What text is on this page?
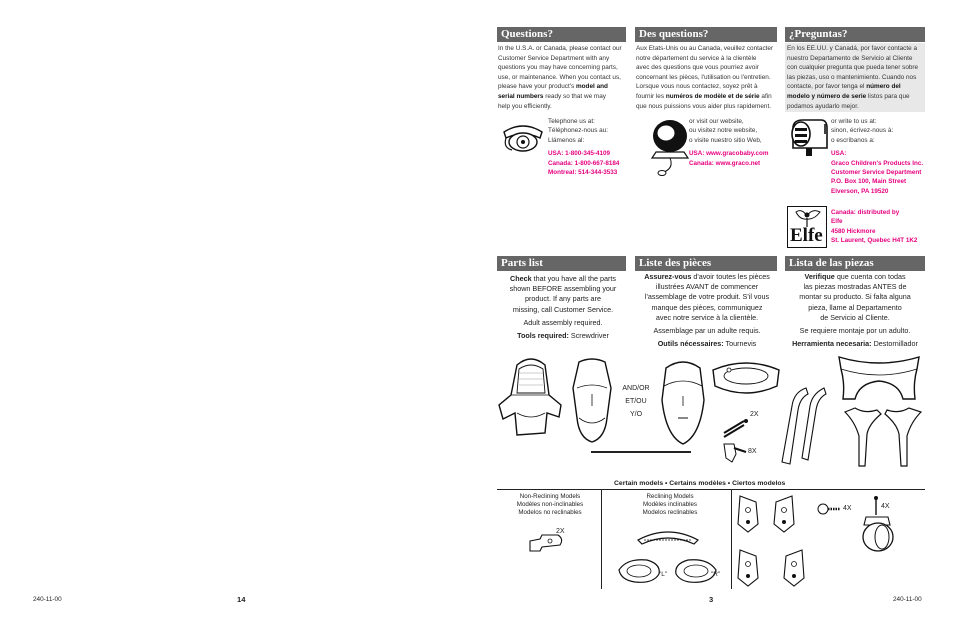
Questions?	Des questions?	¿Preguntas?
In the U.S.A. or Canada, please contact our
Customer Service Department with any
questions you may have concerning parts,
use, or maintenance. When you contact us,
please have your product's model and
serial numbers ready so that we may
help you efficiently.
Aux Etats-Unis ou au Canada, veuillez contacter
notre département du service à la clientèle
avec des questions que vous pourriez avoir
concernant les pièces, l'utilisation ou l'entretien.
Lorsque vous nous contactez, soyez prêt à
fournir les numéros de modèle et de série afin
que nous puissions vous aider plus rapidement.
En los EE.UU. y Canadá, por favor contacte a
nuestro Departamento de Servicio al Cliente
con cualquier pregunta que pueda tener sobre
las piezas, uso o mantenimiento. Cuando nos
contacte, por favor tenga el número del
modelo y número de serie listos para que
podamos ayudarlo mejor.
Telephone us at:
Téléphonez-nous au:
Llámenos al:
USA: 1-800-345-4109
Canada: 1-800-667-8184
Montreal: 514-344-3533
or visit our website,
ou visitez notre website,
o visite nuestro sitio Web,
USA: www.gracobaby.com
Canada: www.graco.net
or write to us at:
sinon, écrivez-nous à:
o escríbanos a:
USA:
Graco Children's Products Inc.
Customer Service Department
P.O. Box 100, Main Street
Elverson, PA 19520
Elfe
Canada: distributed by
Elfe
4580 Hickmore
St. Laurent, Quebec H4T 1K2
Parts list	Liste des pièces	Lista de las piezas

Check that you have all the parts
shown BEFORE assembling your
product. If any parts are
missing, call Customer Service.

Adult assembly required.

Tools required: Screwdriver

Assurez-vous d'avoir toutes les pièces
illustrées AVANT de commencer
l'assemblage de votre produit. S'il vous
manque des pièces, communiquez
avec notre service à la clientèle.

Assemblage par un adulte requis.

Outils nécessaires: Tournevis

Verifique que cuenta con todas
las piezas mostradas ANTES de
montar su producto. Si falta alguna
pieza, llame al Departamento
de Servicio al Cliente.

Se requiere montaje por un adulto.

Herramienta necesaria: Destornillador

AND/OR
ET/OU
Y/O	2X
8X
Certain models • Certains modèles • Ciertos modelos
Non-Reclining Models
Modèles non-inclinables
Modelos no reclinables
2X
Reclining Models
Modèles inclinables
Modelos reclinables
"L"	"R"
4X	4X
240-11-00	14	3	240-11-00
